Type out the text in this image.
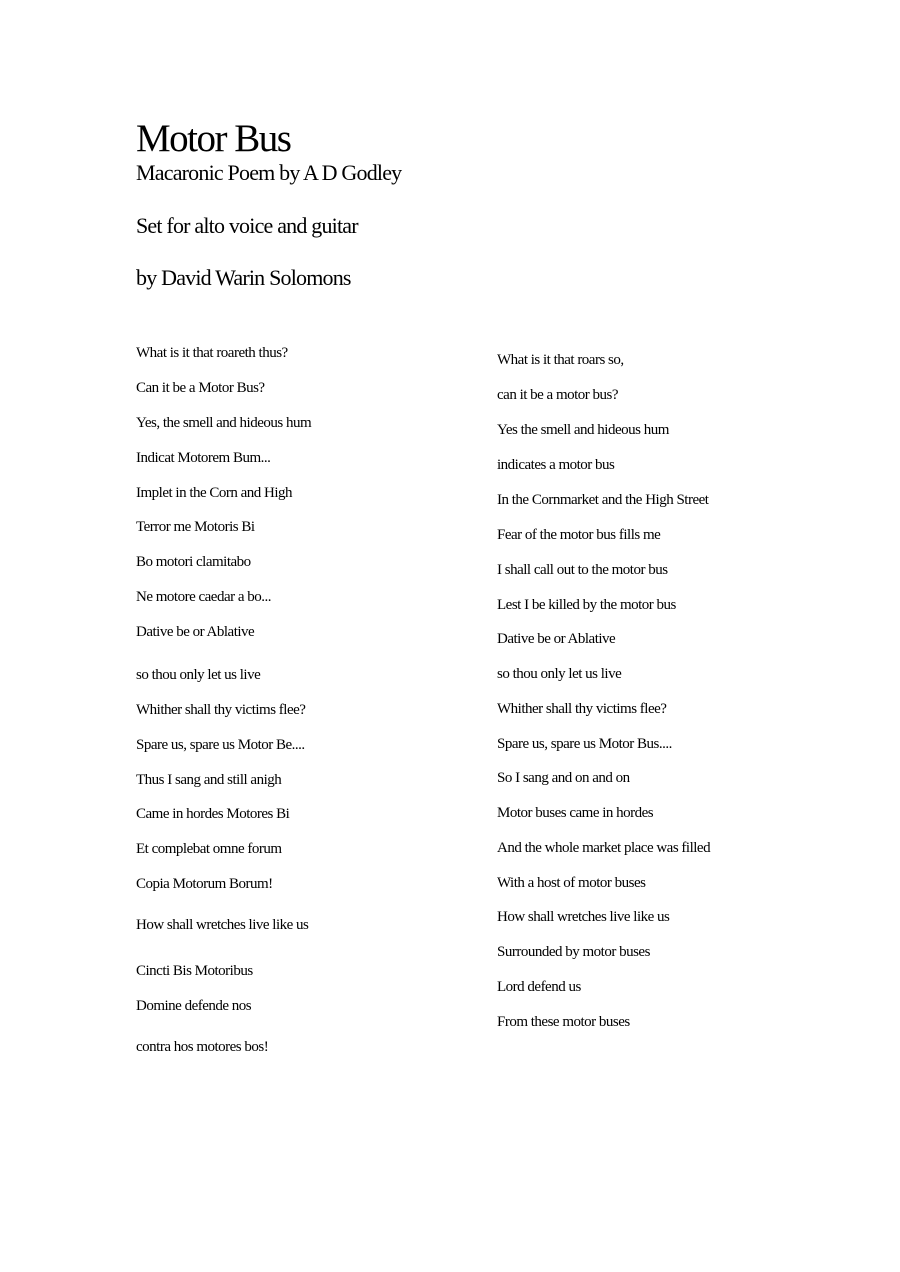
Motor Bus

Macaronic Poem by A D Godley

Set for alto voice and guitar

by David Warin Solomons

What is it that roareth thus?
Can it be a Motor Bus?
Yes, the smell and hideous hum
Indicat Motorem Bum...
Implet in the Corn and High
Terror me Motoris Bi
Bo motori clamitabo
Ne motore caedar a bo...
Dative be or Ablative
so thou only let us live
Whither shall thy victims flee?
Spare us, spare us Motor Be....
Thus I sang and still anigh
Came in hordes Motores Bi
Et complebat omne forum
Copia Motorum Borum!
How shall wretches live like us
Cincti Bis Motoribus
Domine defende nos
contra hos motores bos!
What is it that roars so,
can it be a motor bus?
Yes the smell and hideous hum
indicates a motor bus
In the Cornmarket and the High Street
Fear of the motor bus fills me
I shall call out to the motor bus
Lest I be killed by the motor bus
Dative be or Ablative
so thou only let us live
Whither shall thy victims flee?
Spare us, spare us Motor Bus....
So I sang and on and on
Motor buses came in hordes
And the whole market place was filled
With a host of motor buses
How shall wretches live like us
Surrounded by motor buses
Lord defend us
From these motor buses
